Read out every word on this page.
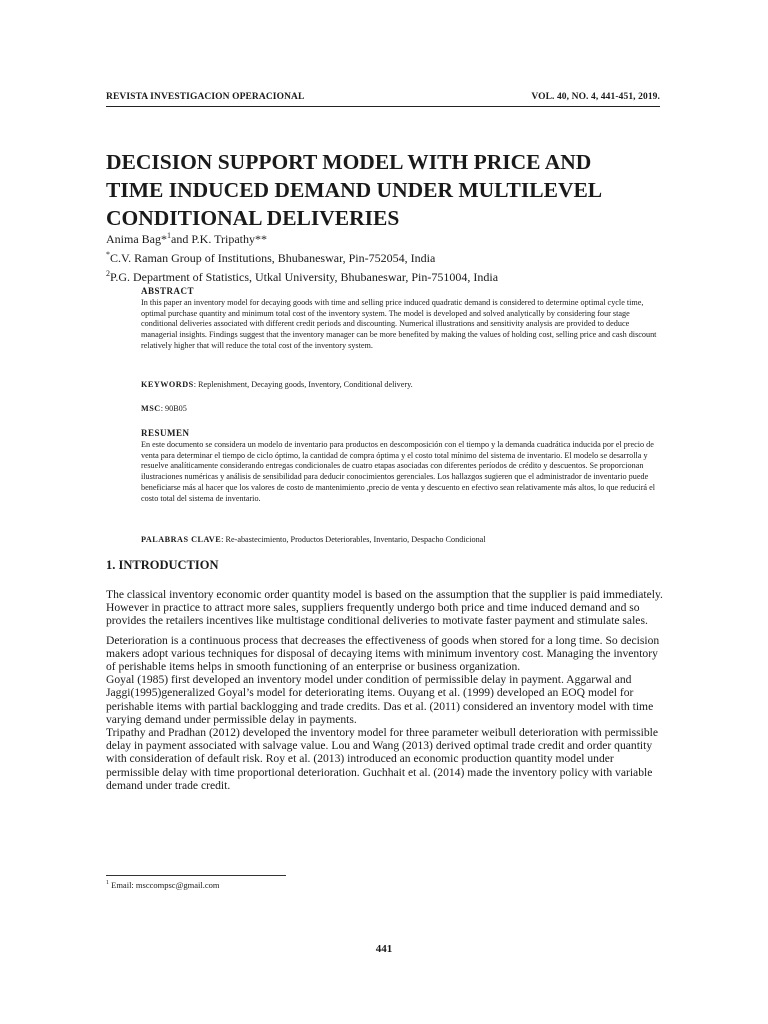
REVISTA INVESTIGACION OPERACIONAL	VOL. 40, NO. 4, 441-451, 2019.
DECISION SUPPORT MODEL WITH PRICE AND
TIME INDUCED DEMAND UNDER MULTILEVEL
CONDITIONAL DELIVERIES
Anima Bag*$^1$and P.K. Tripathy**
*C.V. Raman Group of Institutions, Bhubaneswar, Pin-752054, India
$^2$P.G. Department of Statistics, Utkal University, Bhubaneswar, Pin-751004, India
ABSTRACT
In this paper an inventory model for decaying goods with time and selling price induced quadratic demand is considered to determine optimal cycle time, optimal purchase quantity and minimum total cost of the inventory system. The model is developed and solved analytically by considering four stage conditional deliveries associated with different credit periods and discounting. Numerical illustrations and sensitivity analysis are provided to deduce managerial insights. Findings suggest that the inventory manager can be more benefited by making the values of holding cost, selling price and cash discount relatively higher that will reduce the total cost of the inventory system.
KEYWORDS: Replenishment, Decaying goods, Inventory, Conditional delivery.
MSC: 90B05
RESUMEN
En este documento se considera un modelo de inventario para productos en descomposición con el tiempo y la demanda cuadrática inducida por el precio de venta para determinar el tiempo de ciclo óptimo, la cantidad de compra óptima y el costo total mínimo del sistema de inventario. El modelo se desarrolla y resuelve analíticamente considerando entregas condicionales de cuatro etapas asociadas con diferentes períodos de crédito y descuentos. Se proporcionan ilustraciones numéricas y análisis de sensibilidad para deducir conocimientos gerenciales. Los hallazgos sugieren que el administrador de inventario puede beneficiarse más al hacer que los valores de costo de mantenimiento ,precio de venta y descuento en efectivo sean relativamente más altos, lo que reducirá el costo total del sistema de inventario.
PALABRAS CLAVE: Re-abastecimiento, Productos Deteriorables, Inventario, Despacho Condicional
1. INTRODUCTION

The classical inventory economic order quantity model is based on the assumption that the supplier is paid immediately. However in practice to attract more sales, suppliers frequently undergo both price and time induced demand and so provides the retailers incentives like multistage conditional deliveries to motivate faster payment and stimulate sales.

Deterioration is a continuous process that decreases the effectiveness of goods when stored for a long time. So decision makers adopt various techniques for disposal of decaying items with minimum inventory cost. Managing the inventory of perishable items helps in smooth functioning of an enterprise or business organization.

Goyal (1985) first developed an inventory model under condition of permissible delay in payment. Aggarwal and Jaggi(1995)generalized Goyal’s model for deteriorating items. Ouyang et al. (1999) developed an EOQ model for perishable items with partial backlogging and trade credits. Das et al. (2011) considered an inventory model with time varying demand under permissible delay in payments.

Tripathy and Pradhan (2012) developed the inventory model for three parameter weibull deterioration with permissible delay in payment associated with salvage value. Lou and Wang (2013) derived optimal trade credit and order quantity with consideration of default risk. Roy et al. (2013) introduced an economic production quantity model under permissible delay with time proportional deterioration. Guchhait et al. (2014) made the inventory policy with variable demand under trade credit.

$^1$ Email: msccompsc@gmail.com
441
